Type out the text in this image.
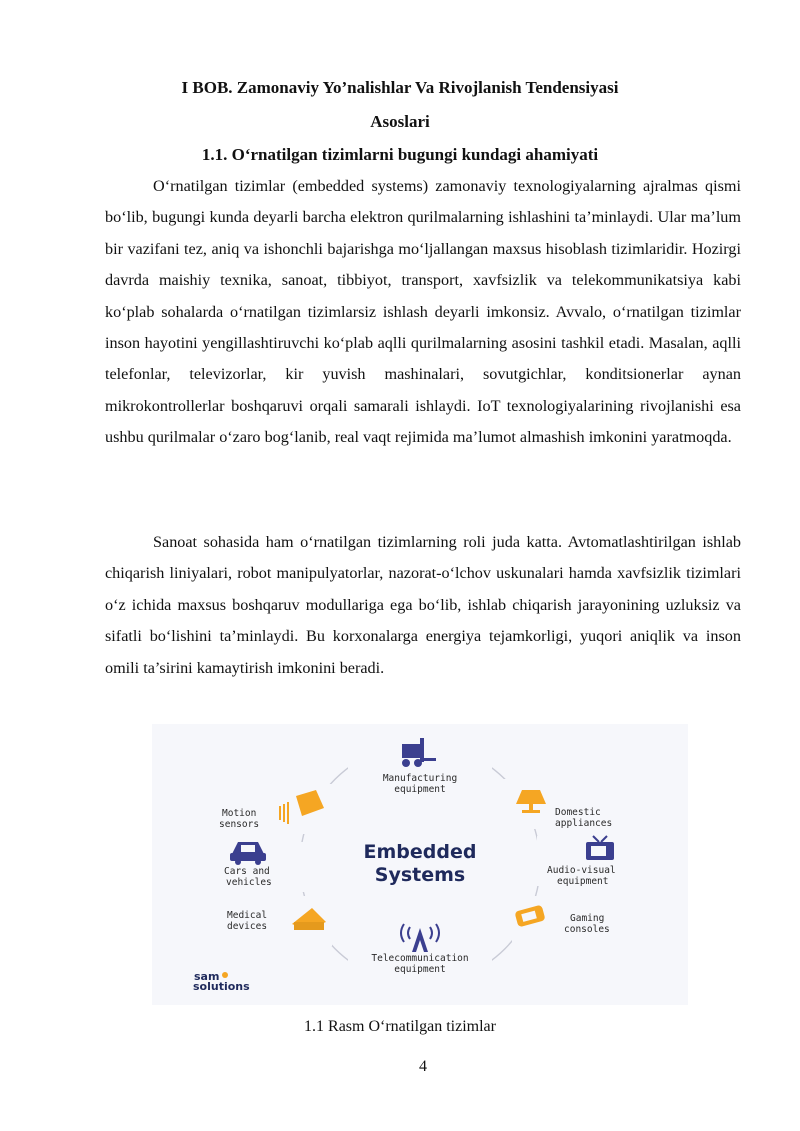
I BOB. Zamonaviy Yo’nalishlar Va Rivojlanish Tendensiyasi
Asoslari
1.1. O‘rnatilgan tizimlarni bugungi kundagi ahamiyati

O‘rnatilgan tizimlar (embedded systems) zamonaviy texnologiyalarning ajralmas qismi bo‘lib, bugungi kunda deyarli barcha elektron qurilmalarning ishlashini ta’minlaydi. Ular ma’lum bir vazifani tez, aniq va ishonchli bajarishga mo‘ljallangan maxsus hisoblash tizimlaridir. Hozirgi davrda maishiy texnika, sanoat, tibbiyot, transport, xavfsizlik va telekommunikatsiya kabi ko‘plab sohalarda o‘rnatilgan tizimlarsiz ishlash deyarli imkonsiz. Avvalo, o‘rnatilgan tizimlar inson hayotini yengillashtiruvchi ko‘plab aqlli qurilmalarning asosini tashkil etadi. Masalan, aqlli telefonlar, televizorlar, kir yuvish mashinalari, sovutgichlar, konditsionerlar aynan mikrokontrollerlar boshqaruvi orqali samarali ishlaydi. IoT texnologiyalarining rivojlanishi esa ushbu qurilmalar o‘zaro bog‘lanib, real vaqt rejimida ma’lumot almashish imkonini yaratmoqda.

Sanoat sohasida ham o‘rnatilgan tizimlarning roli juda katta. Avtomatlashtirilgan ishlab chiqarish liniyalari, robot manipulyatorlar, nazorat-o‘lchov uskunalari hamda xavfsizlik tizimlari o‘z ichida maxsus boshqaruv modullariga ega bo‘lib, ishlab chiqarish jarayonining uzluksiz va sifatli bo‘lishini ta’minlaydi. Bu korxonalarga energiya tejamkorligi, yuqori aniqlik va inson omili ta’sirini kamaytirish imkonini beradi.

Embedded
Systems
Manufacturing
equipment
Domestic
appliances
Audio-visual
equipment
Gaming
consoles
Telecommunication
equipment
Medical
devices
Cars and
vehicles
Motion
sensors
sam
solutions
1.1 Rasm O‘rnatilgan tizimlar
4
